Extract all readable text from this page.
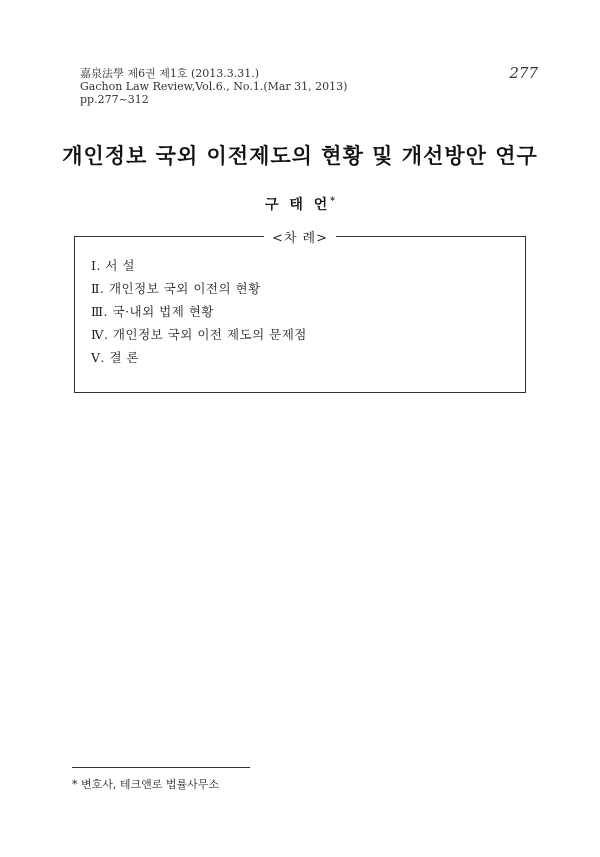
嘉泉法學 제6권 제1호 (2013.3.31.)
Gachon Law Review,Vol.6., No.1.(Mar 31, 2013)
pp.277~312
277
개인정보 국외 이전제도의 현황 및 개선방안 연구
구 태 언*
<차 례>
Ⅰ. 서 설
Ⅱ. 개인정보 국외 이전의 현황
Ⅲ. 국·내외 법제 현황
Ⅳ. 개인정보 국외 이전 제도의 문제점
Ⅴ. 결 론
* 변호사, 테크앤로 법률사무소
